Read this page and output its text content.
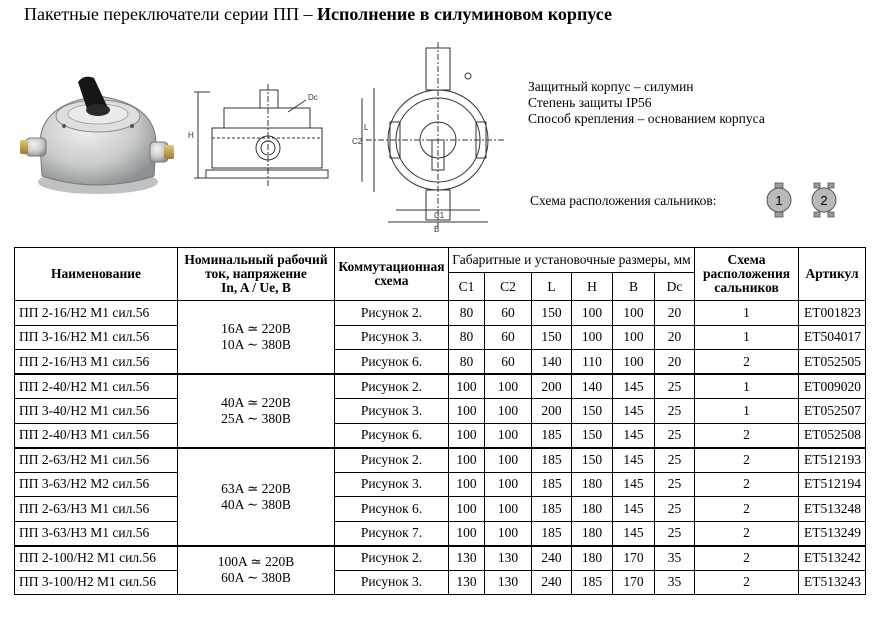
Пакетные переключатели серии ПП – Исполнение в силуминовом корпусе
Dc
H
C2
L
C1
B
Защитный корпус – силумин
Степень защиты IP56
Способ крепления – основанием корпуса
Схема расположения сальников:	1	2
Наименование	Номинальный рабочий
ток, напряжение
In, A / Ue, B	Коммутационная
схема	Габаритные и установочные размеры, мм						Схема
расположения
сальников	Артикул
			C1	C2	L	H	B	Dc		
ПП 2-16/Н2 М1 сил.56	16A ≃ 220B
10A ∼ 380B	Рисунок 2.	80	60	150	100	100	20	1	ET001823
ПП 3-16/Н2 М1 сил.56		Рисунок 3.	80	60	150	100	100	20	1	ET504017
ПП 2-16/Н3 М1 сил.56		Рисунок 6.	80	60	140	110	100	20	2	ET052505
ПП 2-40/Н2 М1 сил.56	40A ≃ 220B
25A ∼ 380B	Рисунок 2.	100	100	200	140	145	25	1	ET009020
ПП 3-40/Н2 М1 сил.56		Рисунок 3.	100	100	200	150	145	25	1	ET052507
ПП 2-40/Н3 М1 сил.56		Рисунок 6.	100	100	185	150	145	25	2	ET052508
ПП 2-63/Н2 М1 сил.56	63A ≃ 220B
40A ∼ 380B	Рисунок 2.	100	100	185	150	145	25	2	ET512193
ПП 3-63/Н2 М2 сил.56		Рисунок 3.	100	100	185	180	145	25	2	ET512194
ПП 2-63/Н3 М1 сил.56		Рисунок 6.	100	100	185	180	145	25	2	ET513248
ПП 3-63/Н3 М1 сил.56		Рисунок 7.	100	100	185	180	145	25	2	ET513249
ПП 2-100/Н2 М1 сил.56	100A ≃ 220B
60A ∼ 380B	Рисунок 2.	130	130	240	180	170	35	2	ET513242
ПП 3-100/Н2 М1 сил.56		Рисунок 3.	130	130	240	185	170	35	2	ET513243
